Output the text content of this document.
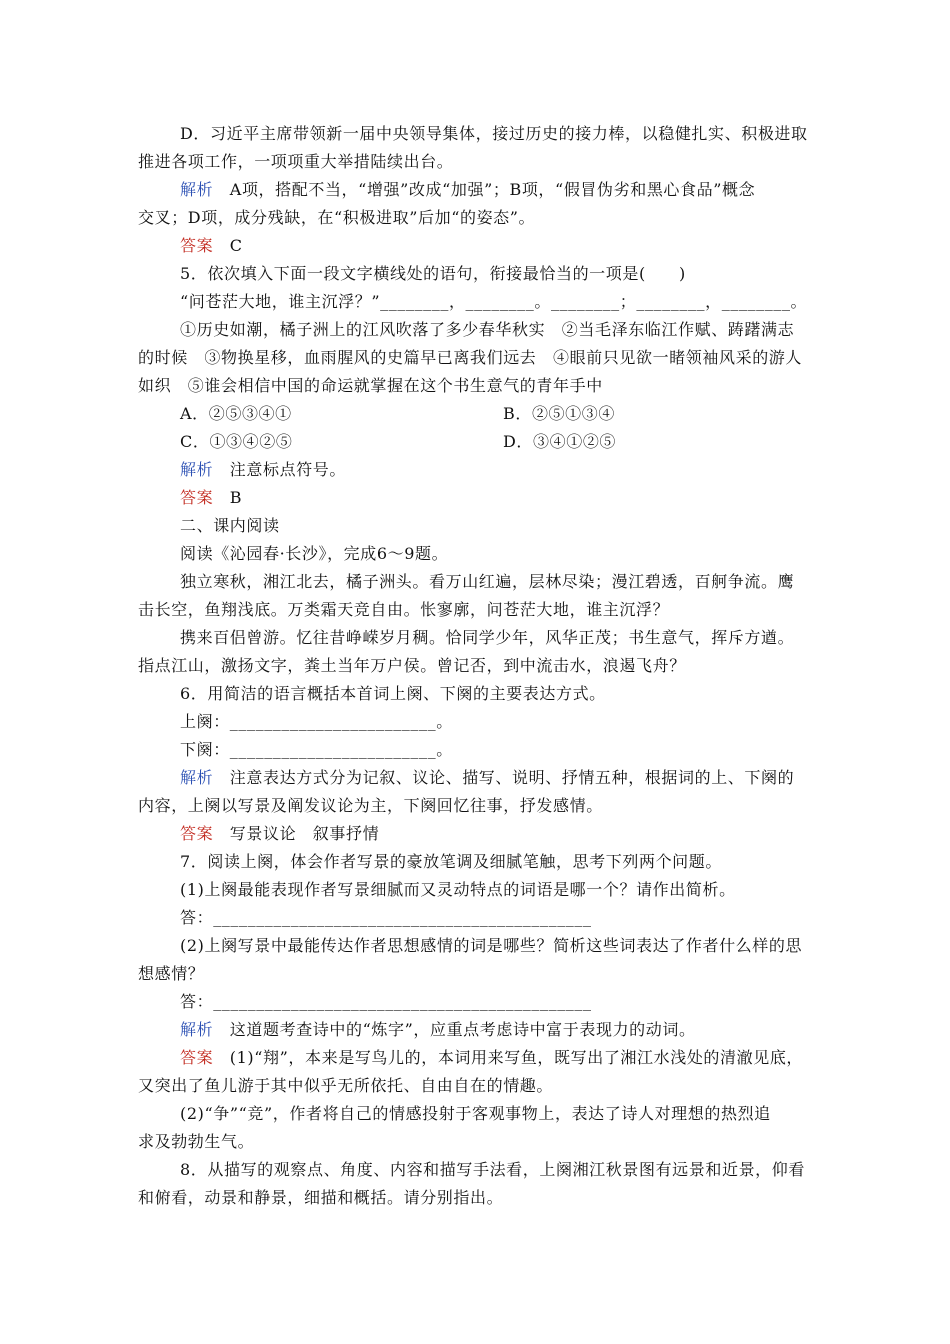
D．习近平主席带领新一届中央领导集体，接过历史的接力棒，以稳健扎实、积极进取
推进各项工作，一项项重大举措陆续出台。
解析　A项，搭配不当，“增强”改成“加强”；B项，“假冒伪劣和黑心食品”概念
交叉；D项，成分残缺，在“积极进取”后加“的姿态”。
答案　C
5．依次填入下面一段文字横线处的语句，衔接最恰当的一项是(　　)
“问苍茫大地，谁主沉浮？”________，________。________；________，________。
①历史如潮，橘子洲上的江风吹落了多少春华秋实　②当毛泽东临江作赋、踌躇满志
的时候　③物换星移，血雨腥风的史篇早已离我们远去　④眼前只见欲一睹领袖风采的游人
如织　⑤谁会相信中国的命运就掌握在这个书生意气的青年手中
A．②⑤③④①	B．②⑤①③④
C．①③④②⑤	D．③④①②⑤
解析　注意标点符号。
答案　B
二、课内阅读
阅读《沁园春·长沙》，完成6～9题。
独立寒秋，湘江北去，橘子洲头。看万山红遍，层林尽染；漫江碧透，百舸争流。鹰
击长空，鱼翔浅底。万类霜天竞自由。怅寥廓，问苍茫大地，谁主沉浮？
携来百侣曾游。忆往昔峥嵘岁月稠。恰同学少年，风华正茂；书生意气，挥斥方遒。
指点江山，激扬文字，粪土当年万户侯。曾记否，到中流击水，浪遏飞舟？
6．用简洁的语言概括本首词上阕、下阕的主要表达方式。
上阕：________________________。
下阕：________________________。
解析　注意表达方式分为记叙、议论、描写、说明、抒情五种，根据词的上、下阕的
内容，上阕以写景及阐发议论为主，下阕回忆往事，抒发感情。
答案　写景议论　叙事抒情
7．阅读上阕，体会作者写景的豪放笔调及细腻笔触，思考下列两个问题。
(1)上阕最能表现作者写景细腻而又灵动特点的词语是哪一个？请作出简析。
答：____________________________________________
(2)上阕写景中最能传达作者思想感情的词是哪些？简析这些词表达了作者什么样的思
想感情？
答：____________________________________________
解析　这道题考查诗中的“炼字”，应重点考虑诗中富于表现力的动词。
答案　(1)“翔”，本来是写鸟儿的，本词用来写鱼，既写出了湘江水浅处的清澈见底，
又突出了鱼儿游于其中似乎无所依托、自由自在的情趣。
(2)“争”“竞”，作者将自己的情感投射于客观事物上，表达了诗人对理想的热烈追
求及勃勃生气。
8．从描写的观察点、角度、内容和描写手法看，上阕湘江秋景图有远景和近景，仰看
和俯看，动景和静景，细描和概括。请分别指出。
